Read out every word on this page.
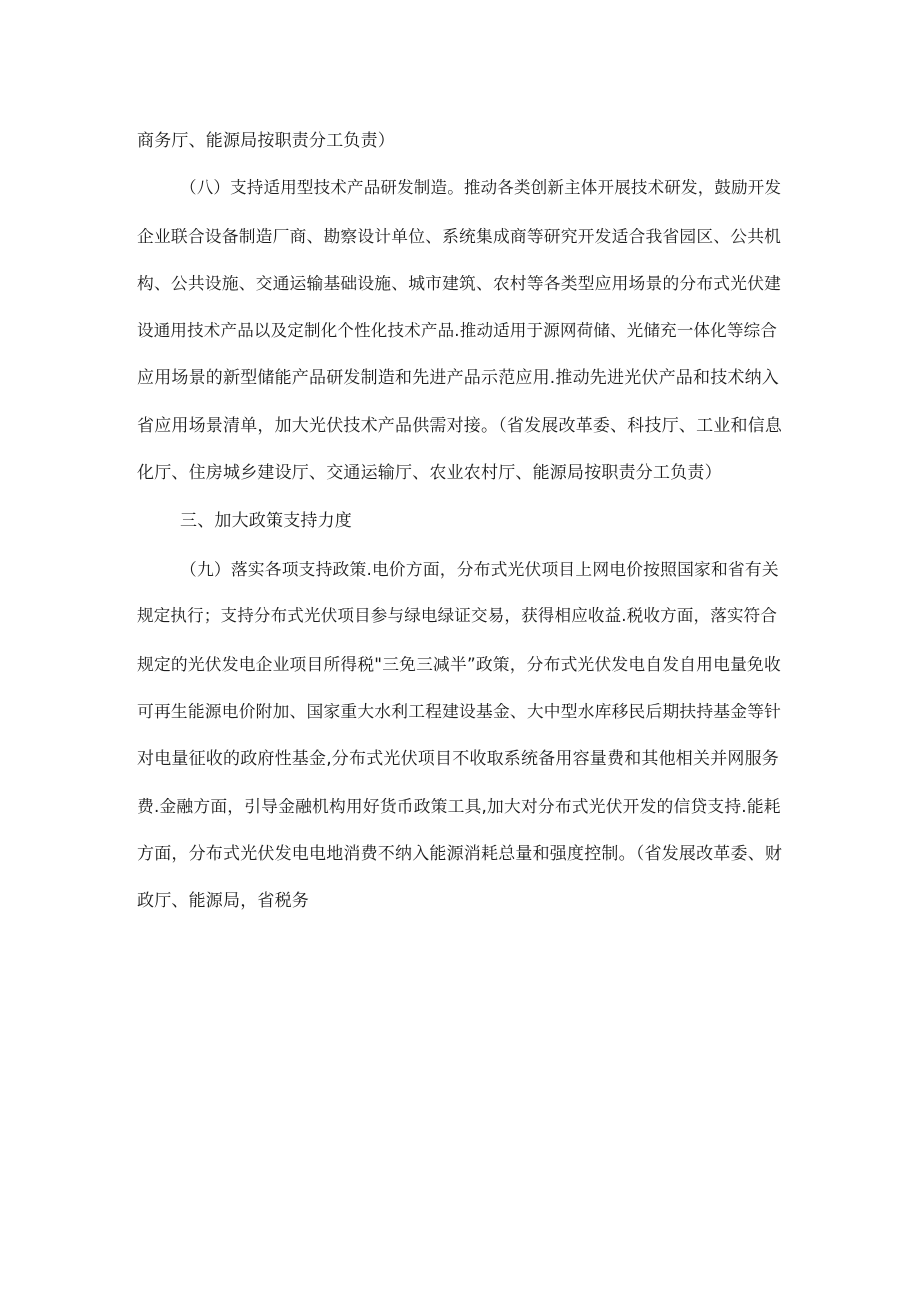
商务厅、能源局按职责分工负责）
（八）支持适用型技术产品研发制造。推动各类创新主体开展技术研发，鼓励开发
企业联合设备制造厂商、勘察设计单位、系统集成商等研究开发适合我省园区、公共机
构、公共设施、交通运输基础设施、城市建筑、农村等各类型应用场景的分布式光伏建
设通用技术产品以及定制化个性化技术产品.推动适用于源网荷储、光储充一体化等综合
应用场景的新型储能产品研发制造和先进产品示范应用.推动先进光伏产品和技术纳入
省应用场景清单，加大光伏技术产品供需对接。（省发展改革委、科技厅、工业和信息
化厅、住房城乡建设厅、交通运输厅、农业农村厅、能源局按职责分工负责）
三、加大政策支持力度
（九）落实各项支持政策.电价方面，分布式光伏项目上网电价按照国家和省有关
规定执行；支持分布式光伏项目参与绿电绿证交易，获得相应收益.税收方面，落实符合
规定的光伏发电企业项目所得税"三免三减半”政策，分布式光伏发电自发自用电量免收
可再生能源电价附加、国家重大水利工程建设基金、大中型水库移民后期扶持基金等针
对电量征收的政府性基金,分布式光伏项目不收取系统备用容量费和其他相关并网服务
费.金融方面，引导金融机构用好货币政策工具,加大对分布式光伏开发的信贷支持.能耗
方面，分布式光伏发电电地消费不纳入能源消耗总量和强度控制。（省发展改革委、财
政厅、能源局，省税务
